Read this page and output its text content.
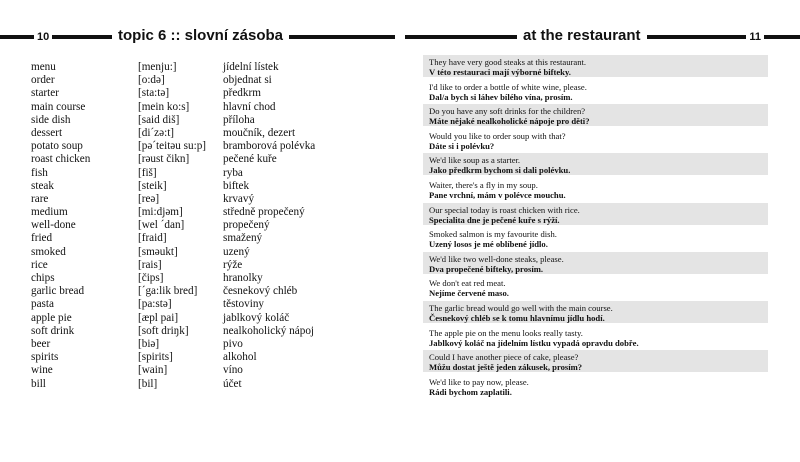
10	topic 6 :: slovní zásoba	at the restaurant	11
menu	[menju:]	jídelní lístek
order	[o:də]	objednat si
starter	[sta:tə]	předkrm
main course	[mein ko:s]	hlavní chod
side dish	[said diš]	příloha
dessert	[di´zə:t]	moučník, dezert
potato soup	[pə´teitəu su:p] bramborová polévka
roast chicken	[rəust čikn]	pečené kuře
fish	[fiš]	ryba
steak	[steik]	biftek
rare	[reə]	krvavý
medium	[mi:djəm]	středně propečený
well-done	[wel ´dan]	propečený
fried	[fraid]	smažený
smoked	[sməukt]	uzený
rice	[rais]	rýže
chips	[čips]	hranolky
garlic bread	[´ga:lik bred] česnekový chléb
pasta	[pa:stə]	těstoviny
apple pie	[æpl pai]	jablkový koláč
soft drink	[soft driŋk]	nealkoholický nápoj
beer	[biə]	pivo
spirits	[spirits]	alkohol
wine	[wain]	víno
bill	[bil]	účet
They have very good steaks at this restaurant.
V této restauraci mají výborné bifteky.
I'd like to order a bottle of white wine, please.
Dal/a bych si láhev bílého vína, prosím.
Do you have any soft drinks for the children?
Máte nějaké nealkoholické nápoje pro děti?
Would you like to order soup with that?
Dáte si i polévku?
We'd like soup as a starter.
Jako předkrm bychom si dali polévku.
Waiter, there's a fly in my soup.
Pane vrchní, mám v polévce mouchu.
Our special today is roast chicken with rice.
Specialita dne je pečené kuře s rýží.
Smoked salmon is my favourite dish.
Uzený losos je mé oblíbené jídlo.
We'd like two well-done steaks, please.
Dva propečené bifteky, prosím.
We don't eat red meat.
Nejíme červené maso.
The garlic bread would go well with the main course.
Česnekový chléb se k tomu hlavnímu jídlu hodí.
The apple pie on the menu looks really tasty.
Jablkový koláč na jídelním lístku vypadá opravdu dobře.
Could I have another piece of cake, please?
Můžu dostat ještě jeden zákusek, prosím?
We'd like to pay now, please.
Rádi bychom zaplatili.
